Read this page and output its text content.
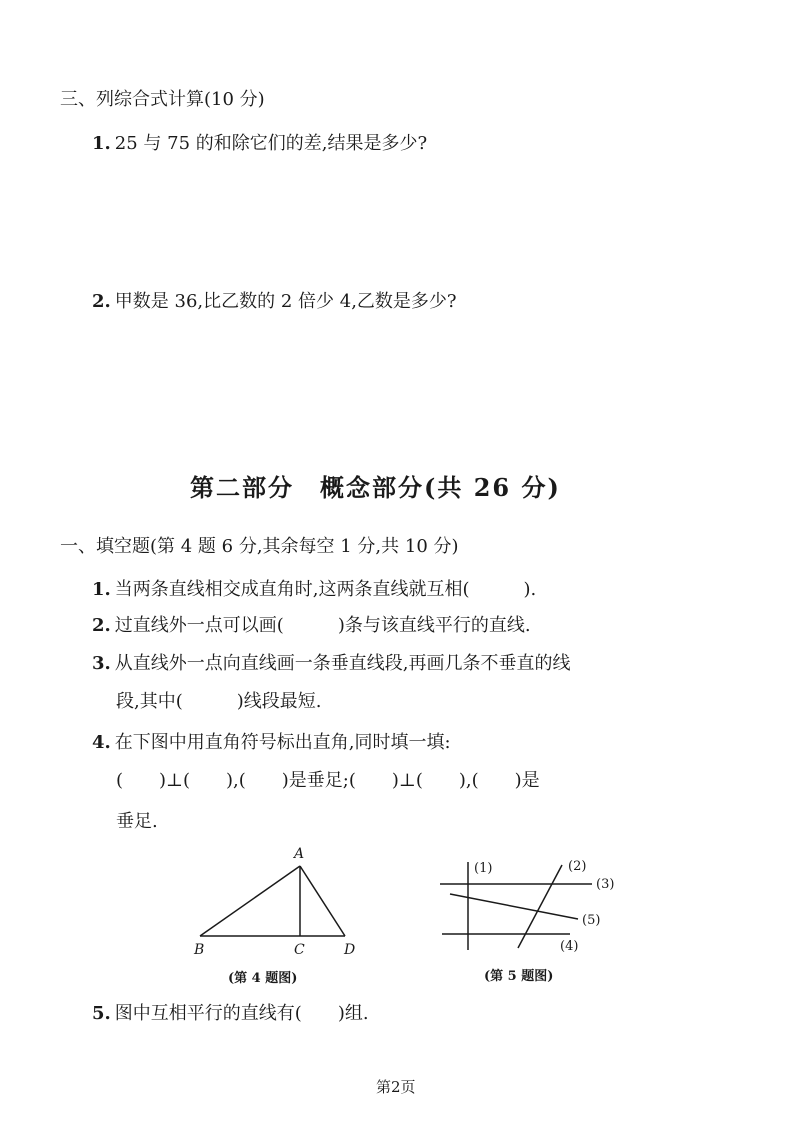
三、列综合式计算(10 分)
1. 25 与 75 的和除它们的差,结果是多少?
2. 甲数是 36,比乙数的 2 倍少 4,乙数是多少?
第二部分　概念部分(共 26 分)
一、填空题(第 4 题 6 分,其余每空 1 分,共 10 分)
1. 当两条直线相交成直角时,这两条直线就互相(　　　).
2. 过直线外一点可以画(　　　)条与该直线平行的直线.
3. 从直线外一点向直线画一条垂直线段,再画几条不垂直的线
段,其中(　　　)线段最短.
4. 在下图中用直角符号标出直角,同时填一填:
(　　)⊥(　　),(　　)是垂足;(　　)⊥(　　),(　　)是
垂足.
A
B	C	D
(第 4 题图)
(1)	(2)
(3)
(4)
(5)
(第 5 题图)
5. 图中互相平行的直线有(　　)组.
第2页
